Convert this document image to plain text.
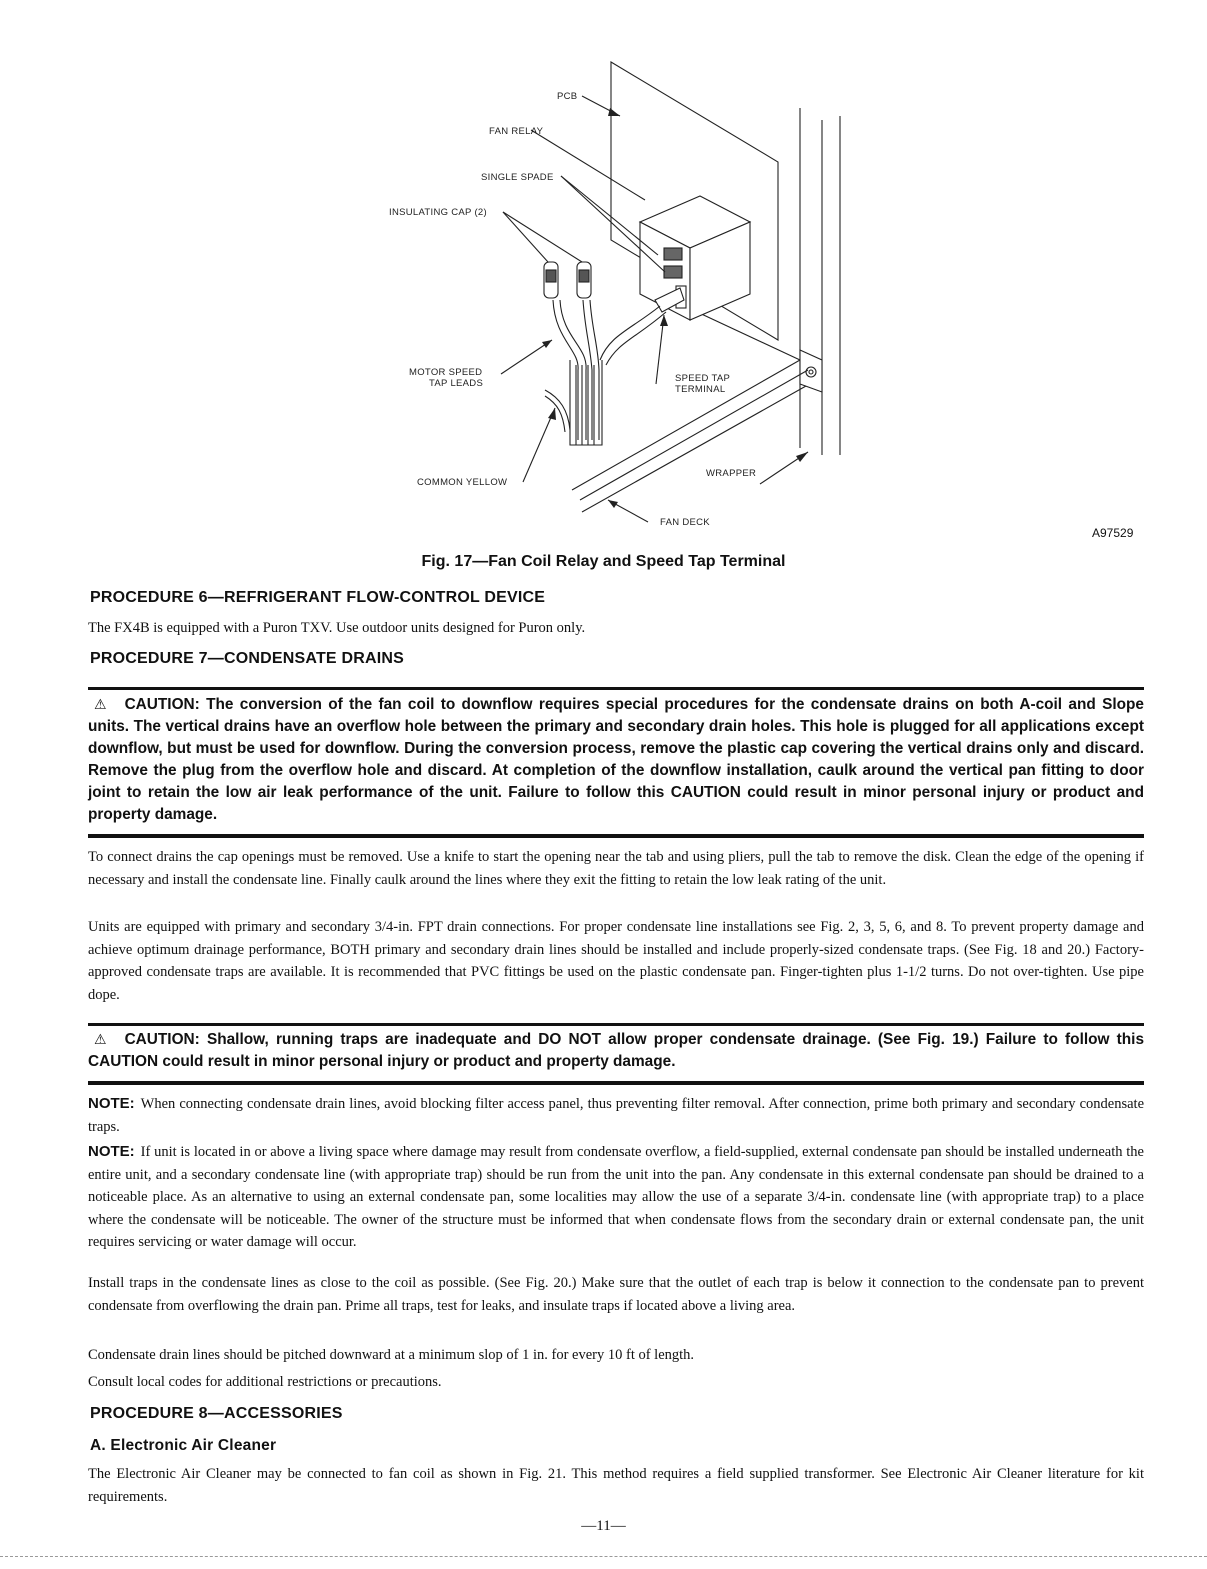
PCB
FAN RELAY
SINGLE SPADE
INSULATING CAP (2)
MOTOR SPEED
TAP LEADS
COMMON YELLOW
SPEED TAP
TERMINAL
WRAPPER
FAN DECK
A97529
Fig. 17—Fan Coil Relay and Speed Tap Terminal
PROCEDURE 6—REFRIGERANT FLOW-CONTROL DEVICE

The FX4B is equipped with a Puron TXV. Use outdoor units designed for Puron only.

PROCEDURE 7—CONDENSATE DRAINS
⚠ CAUTION: The conversion of the fan coil to downflow requires special procedures for the condensate drains on both A-coil and Slope units. The vertical drains have an overflow hole between the primary and secondary drain holes. This hole is plugged for all applications except downflow, but must be used for downflow. During the conversion process, remove the plastic cap covering the vertical drains only and discard. Remove the plug from the overflow hole and discard. At completion of the downflow installation, caulk around the vertical pan fitting to door joint to retain the low air leak performance of the unit. Failure to follow this CAUTION could result in minor personal injury or product and property damage.

To connect drains the cap openings must be removed. Use a knife to start the opening near the tab and using pliers, pull the tab to remove the disk. Clean the edge of the opening if necessary and install the condensate line. Finally caulk around the lines where they exit the fitting to retain the low leak rating of the unit.

Units are equipped with primary and secondary 3/4-in. FPT drain connections. For proper condensate line installations see Fig. 2, 3, 5, 6, and 8. To prevent property damage and achieve optimum drainage performance, BOTH primary and secondary drain lines should be installed and include properly-sized condensate traps. (See Fig. 18 and 20.) Factory-approved condensate traps are available. It is recommended that PVC fittings be used on the plastic condensate pan. Finger-tighten plus 1-1/2 turns. Do not over-tighten. Use pipe dope.

⚠ CAUTION: Shallow, running traps are inadequate and DO NOT allow proper condensate drainage. (See Fig. 19.) Failure to follow this CAUTION could result in minor personal injury or product and property damage.

NOTE: When connecting condensate drain lines, avoid blocking filter access panel, thus preventing filter removal. After connection, prime both primary and secondary condensate traps.

NOTE: If unit is located in or above a living space where damage may result from condensate overflow, a field-supplied, external condensate pan should be installed underneath the entire unit, and a secondary condensate line (with appropriate trap) should be run from the unit into the pan. Any condensate in this external condensate pan should be drained to a noticeable place. As an alternative to using an external condensate pan, some localities may allow the use of a separate 3/4-in. condensate line (with appropriate trap) to a place where the condensate will be noticeable. The owner of the structure must be informed that when condensate flows from the secondary drain or external condensate pan, the unit requires servicing or water damage will occur.

Install traps in the condensate lines as close to the coil as possible. (See Fig. 20.) Make sure that the outlet of each trap is below it connection to the condensate pan to prevent condensate from overflowing the drain pan. Prime all traps, test for leaks, and insulate traps if located above a living area.

Condensate drain lines should be pitched downward at a minimum slop of 1 in. for every 10 ft of length.

Consult local codes for additional restrictions or precautions.

PROCEDURE 8—ACCESSORIES
A. Electronic Air Cleaner

The Electronic Air Cleaner may be connected to fan coil as shown in Fig. 21. This method requires a field supplied transformer. See Electronic Air Cleaner literature for kit requirements.

—11—
